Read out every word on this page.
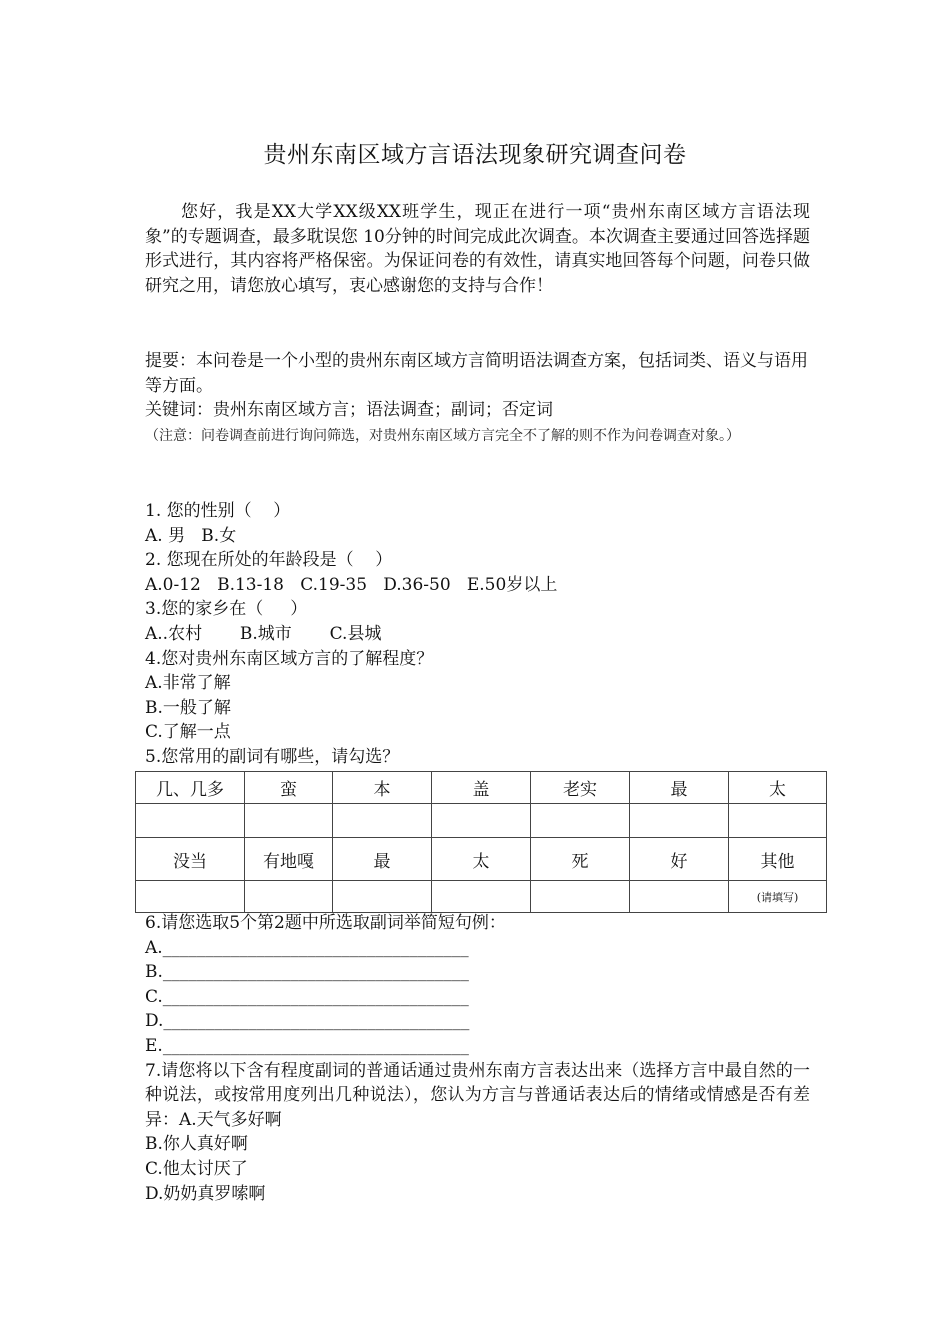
贵州东南区域方言语法现象研究调查问卷
您好，我是XX大学XX级XX班学生，现正在进行一项“贵州东南区域方言语法现象”的专题调查，最多耽误您 10分钟的时间完成此次调查。本次调查主要通过回答选择题形式进行，其内容将严格保密。为保证问卷的有效性，请真实地回答每个问题，问卷只做研究之用，请您放心填写，衷心感谢您的支持与合作！
提要：本问卷是一个小型的贵州东南区域方言简明语法调查方案，包括词类、语义与语用等方面。
关键词：贵州东南区域方言；语法调查；副词；否定词
（注意：问卷调查前进行询问筛选，对贵州东南区域方言完全不了解的则不作为问卷调查对象。）

1. 您的性别（    ）

A. 男   B.女

2. 您现在所处的年龄段是（    ）

A.0-12   B.13-18   C.19-35   D.36-50   E.50岁以上

3.您的家乡在（     ）

A..农村       B.城市       C.县城

4.您对贵州东南区域方言的了解程度？

A.非常了解

B.一般了解

C.了解一点

5.您常用的副词有哪些，请勾选？

几、几多	蛮	本	盖	老实	最	太

没当	有地嘎	最	太	死	好	其他
						(请填写)

6.请您选取5个第2题中所选取副词举简短句例：

A.____________________________________

B.____________________________________

C.____________________________________

D.____________________________________

E.____________________________________

7.请您将以下含有程度副词的普通话通过贵州东南方言表达出来（选择方言中最自然的一种说法，或按常用度列出几种说法），您认为方言与普通话表达后的情绪或情感是否有差异：A.天气多好啊

B.你人真好啊

C.他太讨厌了

D.奶奶真罗嗦啊
